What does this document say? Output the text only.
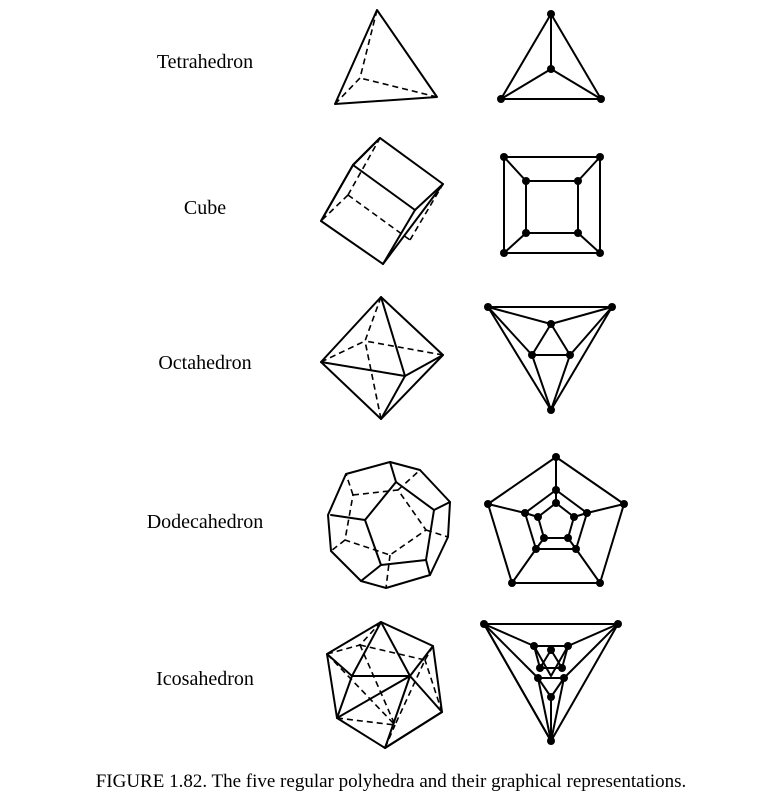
Tetrahedron
Cube
Octahedron
Dodecahedron
Icosahedron
FIGURE 1.82. The five regular polyhedra and their graphical representations.
